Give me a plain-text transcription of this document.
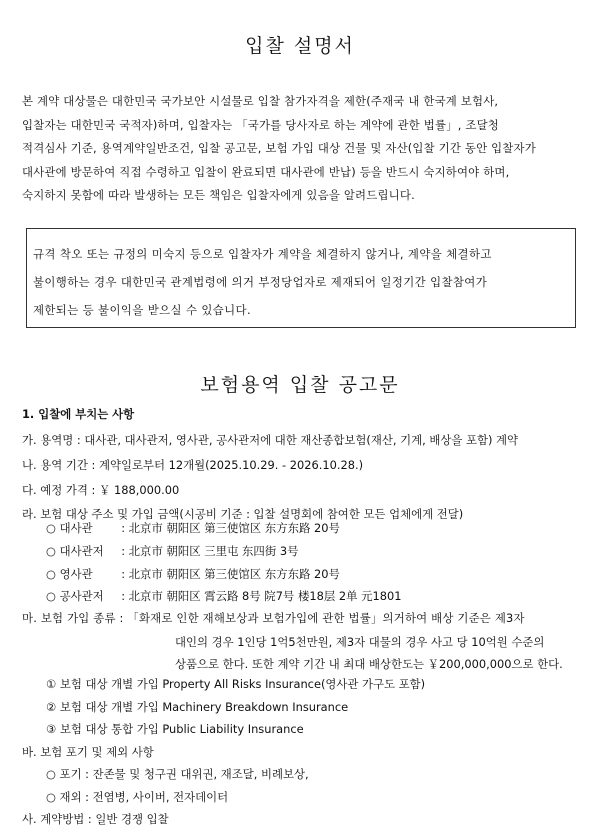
입찰 설명서

본 계약 대상물은 대한민국 국가보안 시설물로 입찰 참가자격을 제한(주재국 내 한국계 보험사,

입찰자는 대한민국 국적자)하며, 입찰자는 「국가를 당사자로 하는 계약에 관한 법률」, 조달청

적격심사 기준, 용역계약일반조건, 입찰 공고문, 보험 가입 대상 건물 및 자산(입찰 기간 동안 입찰자가

대사관에 방문하여 직접 수령하고 입찰이 완료되면 대사관에 반납) 등을 반드시 숙지하여야 하며,

숙지하지 못함에 따라 발생하는 모든 책임은 입찰자에게 있음을 알려드립니다.

규격 착오 또는 규정의 미숙지 등으로 입찰자가 계약을 체결하지 않거나, 계약을 체결하고
불이행하는 경우 대한민국 관계법령에 의거 부정당업자로 제재되어 일정기간 입찰참여가
제한되는 등 불이익을 받으실 수 있습니다.
보험용역 입찰 공고문
1. 입찰에 부치는 사항
가. 용역명 : 대사관, 대사관저, 영사관, 공사관저에 대한 재산종합보험(재산, 기계, 배상을 포함) 계약
나. 용역 기간 : 계약일로부터 12개월(2025.10.29. - 2026.10.28.)
다. 예정 가격 : ￥ 188,000.00
라. 보험 대상 주소 및 가입 금액(시공비 기준 : 입찰 설명회에 참여한 모든 업체에게 전달)
○ 대사관	: 北京市 朝阳区 第三使馆区 东方东路 20号
○ 대사관저 : 北京市 朝阳区 三里屯 东四街 3号
○ 영사관	: 北京市 朝阳区 第三使馆区 东方东路 20号
○ 공사관저 : 北京市 朝阳区 霄云路 8号 院7号 楼18层 2单 元1801
마. 보험 가입 종류 : 「화재로 인한 재해보상과 보험가입에 관한 법률」의거하여 배상 기준은 제3자
대인의 경우 1인당 1억5천만원, 제3자 대물의 경우 사고 당 10억원 수준의
상품으로 한다. 또한 계약 기간 내 최대 배상한도는 ￥200,000,000으로 한다.
① 보험 대상 개별 가입 Property All Risks Insurance(영사관 가구도 포함)
② 보험 대상 개별 가입 Machinery Breakdown Insurance
③ 보험 대상 통합 가입 Public Liability Insurance
바. 보험 포기 및 제외 사항
○ 포기 : 잔존물 및 청구권 대위권, 재조달, 비례보상,
○ 재외 : 전염병, 사이버, 전자데이터
사. 계약방법 : 일반 경쟁 입찰
